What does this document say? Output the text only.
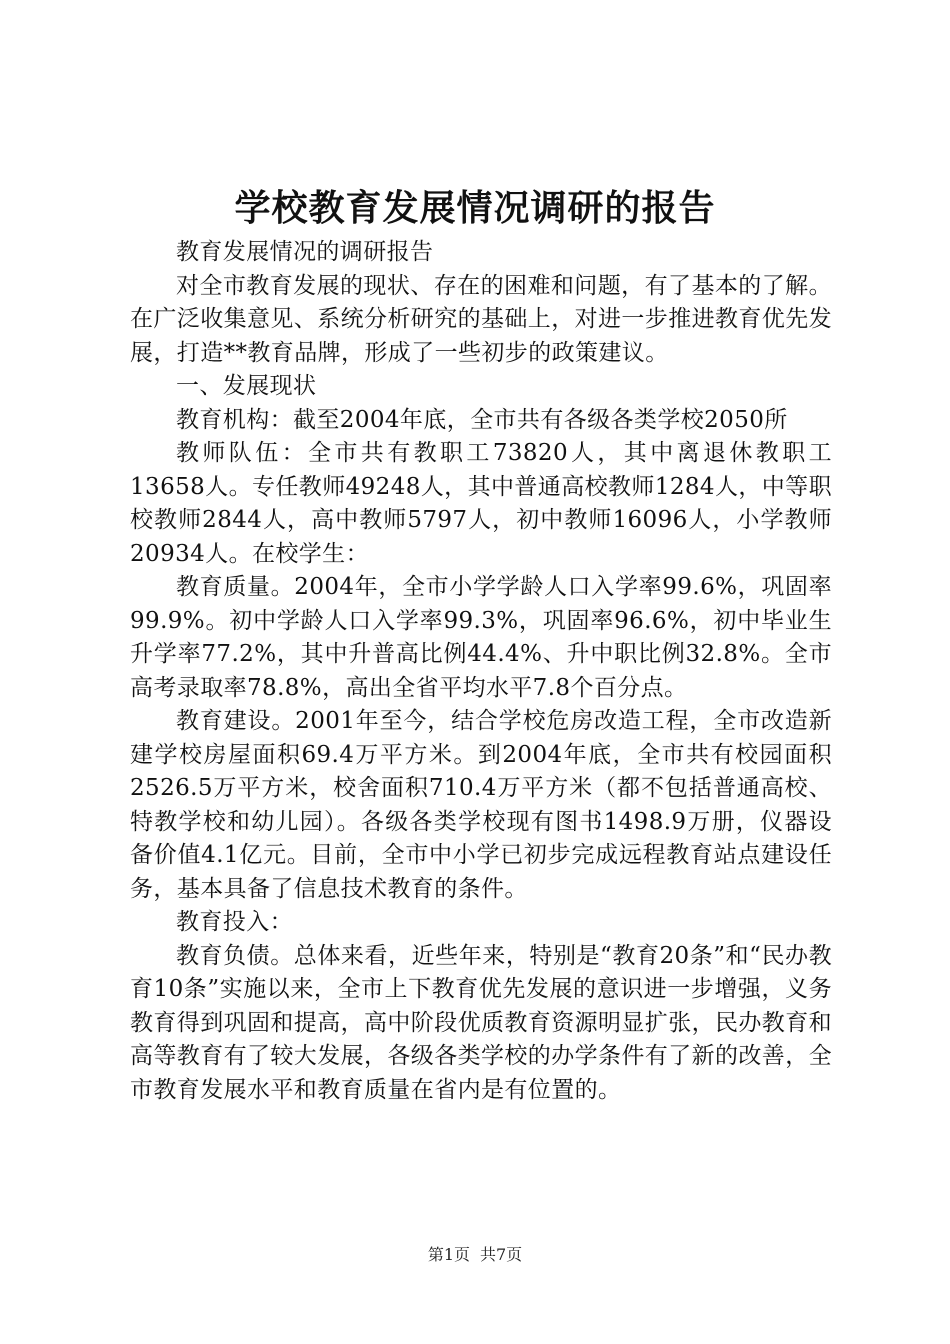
学校教育发展情况调研的报告

教育发展情况的调研报告

对全市教育发展的现状、存在的困难和问题，有了基本的了解。在广泛收集意见、系统分析研究的基础上，对进一步推进教育优先发展，打造**教育品牌，形成了一些初步的政策建议。

一、发展现状

教育机构：截至2004年底，全市共有各级各类学校2050所

教师队伍：全市共有教职工73820人，其中离退休教职工13658人。专任教师49248人，其中普通高校教师1284人，中等职校教师2844人，高中教师5797人，初中教师16096人，小学教师20934人。在校学生：

教育质量。2004年，全市小学学龄人口入学率99.6%，巩固率99.9%。初中学龄人口入学率99.3%，巩固率96.6%，初中毕业生升学率77.2%，其中升普高比例44.4%、升中职比例32.8%。全市高考录取率78.8%，高出全省平均水平7.8个百分点。

教育建设。2001年至今，结合学校危房改造工程，全市改造新建学校房屋面积69.4万平方米。到2004年底，全市共有校园面积2526.5万平方米，校舍面积710.4万平方米（都不包括普通高校、特教学校和幼儿园）。各级各类学校现有图书1498.9万册，仪器设备价值4.1亿元。目前，全市中小学已初步完成远程教育站点建设任务，基本具备了信息技术教育的条件。

教育投入：

教育负债。总体来看，近些年来，特别是“教育20条”和“民办教育10条”实施以来，全市上下教育优先发展的意识进一步增强，义务教育得到巩固和提高，高中阶段优质教育资源明显扩张，民办教育和高等教育有了较大发展，各级各类学校的办学条件有了新的改善，全市教育发展水平和教育质量在省内是有位置的。

第1页 共7页
